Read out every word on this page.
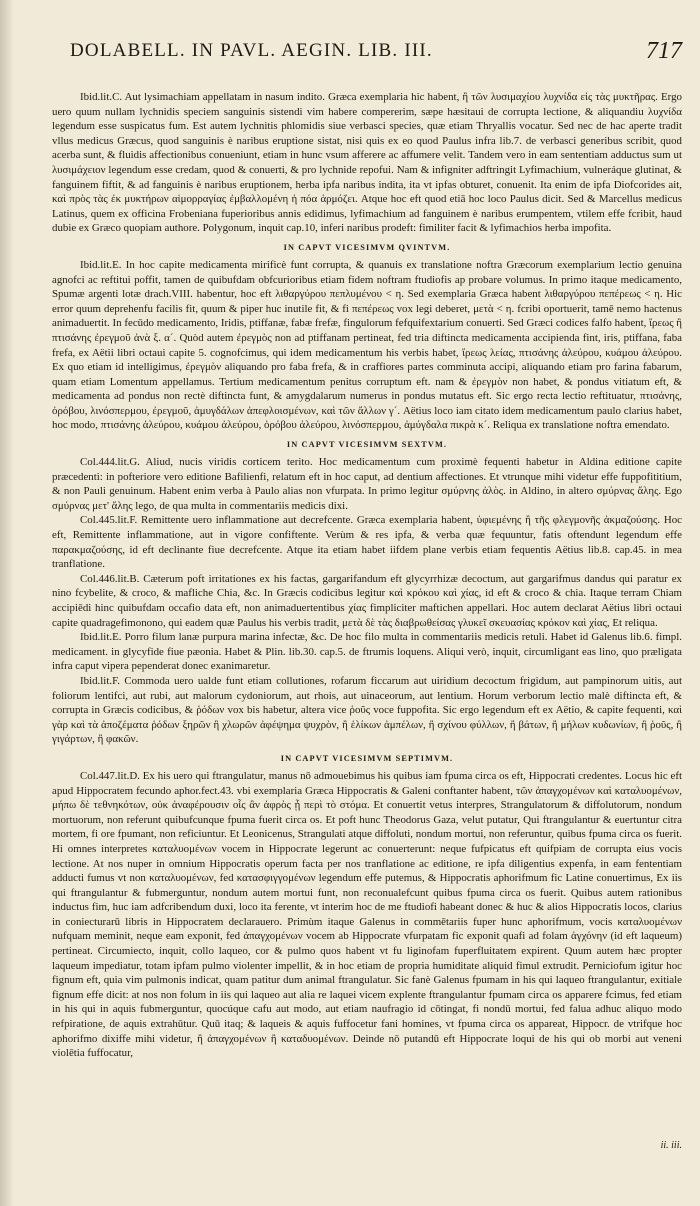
DOLABELL. IN PAVL. AEGIN. LIB. III.	717

Ibid.lit.C. Aut lysimachiam appellatam in nasum indito. Græca exemplaria hic habent, ἢ τῶν λυσιμαχίου λυχνίδα εἰς τὰς μυκτῆρας. Ergo uero quum nullam lychnidis speciem sanguinis sistendi vim habere compererim, sæpe hæsitaui de corrupta lectione, & aliquandiu λυχνίδα legendum esse suspicatus fum. Est autem lychnitis phlomidis siue verbasci species, quæ etiam Thryallis vocatur. Sed nec de hac aperte tradit vllus medicus Græcus, quod sanguinis è naribus eruptione sistat, nisi quis ex eo quod Paulus infra lib.7. de verbasci generibus scribit, quod acerba sunt, & fluidis affectionibus conueniunt, etiam in hunc vsum afferere ac affumere velit. Tandem vero in eam sententiam adductus sum ut λυσιμάχειον legendum esse credam, quod & conuerti, & pro lychnide repofui. Nam & infigniter adftringit Lyfimachium, vulneráque glutinat, & fanguinem fiftit, & ad fanguinis è naribus eruptionem, herba ipfa naribus indita, ita vt ipfas obturet, conuenit. Ita enim de ipfa Diofcorides ait, καὶ πρὸς τὰς ἐκ μυκτήρων αἱμορραγίας ἐμβαλλομένη ἡ πόα ἁρμόζει. Atque hoc eft quod etiā hoc loco Paulus dicit. Sed & Marcellus medicus Latinus, quem ex officina Frobeniana fuperioribus annis edidimus, lyfimachium ad fanguinem è naribus erumpentem, vtilem effe fcribit, haud dubie ex Græco quopiam authore. Polygonum, inquit cap.10, inferi naribus prodeft: fimiliter facit & lyfimachios herba impofita.

IN CAPVT VICESIMVM QVINTVM.

Ibid.lit.E. In hoc capite medicamenta mirificè funt corrupta, & quanuis ex translatione noftra Græcorum exemplarium lectio genuina agnofci ac reftitui poffit, tamen de quibufdam obfcurioribus etiam fidem noftram ftudiofis ap probare volumus. In primo itaque medicamento, Spumæ argenti lotæ drach.VIII. habentur, hoc eft λιθαργύρου πεπλυμένου < η. Sed exemplaria Græca habent λιθαργύρου πεπέρεως < η. Hic error quum deprehenfu facilis fit, quum & piper huc inutile fit, & fi πεπέρεως vox legi deberet, μετὰ < η. fcribi oportuerit, tamē nemo hactenus animaduertit. In fecūdo medicamento, Iridis, ptiffanæ, fabæ frefæ, fingulorum fefquifextarium conuerti. Sed Græci codices falfo habent, ἴρεως ἢ πτισάνης ἐρεγμοῦ ἀνὰ ξ. α´. Quòd autem ἐρεγμὸς non ad ptiffanam pertineat, fed tria diftincta medicamenta accipienda fint, iris, ptiffana, faba frefa, ex Aëtii libri octaui capite 5. cognofcimus, qui idem medicamentum his verbis habet, ἴρεως λείας, πτισάνης ἀλεύρου, κυάμου ἀλεύρου. Ex quo etiam id intelligimus, ἐρεγμὸν aliquando pro faba frefa, & in craffiores partes comminuta accipi, aliquando etiam pro farina fabarum, quam etiam Lomentum appellamus. Tertium medicamentum penitus corruptum eft. nam & ἐρεγμὸν non habet, & pondus vitiatum eft, & medicamenta ad pondus non rectè diftincta funt, & amygdalarum numerus in pondus mutatus eft. Sic ergo recta lectio reftituatur, πτισάνης, ὀρόβου, λινόσπερμου, ἐρεγμοῦ, ἀμυγδάλων ἀπεφλοισμένων, καὶ τῶν ἄλλων γ´. Aëtius loco iam citato idem medicamentum paulo clarius habet, hoc modo, πτισάνης ἀλεύρου, κυάμου ἀλεύρου, ὀρόβου ἀλεύρου, λινόσπερμου, ἀμύγδαλα πικρὰ κ´. Reliqua ex translatione noftra emendato.

IN CAPVT VICESIMVM SEXTVM.

Col.444.lit.G. Aliud, nucis viridis corticem terito. Hoc medicamentum cum proximè fequenti habetur in Aldina editione capite præcedenti: in pofteriore vero editione Bafilienfi, relatum eft in hoc caput, ad dentium affectiones. Et vtrunque mihi videtur effe fuppofititium, & non Pauli genuinum. Habent enim verba à Paulo alias non vfurpata. In primo legitur σμύρνης ἀλὸς. in Aldino, in altero σμύρνας ἄλης. Ego σμύρνας μετ' ἄλης lego, de qua multa in commentariis medicis dixi.

Col.445.lit.F. Remittente uero inflammatione aut decrefcente. Græca exemplaria habent, ὑφιεμένης ἢ τῆς φλεγμονῆς ἀκμαζούσης. Hoc eft, Remittente inflammatione, aut in vigore confiftente. Verùm & res ipfa, & verba quæ fequuntur, fatis oftendunt legendum effe παρακμαζούσης, id eft declinante fiue decrefcente. Atque ita etiam habet iifdem plane verbis etiam fequentis Aëtius lib.8. cap.45. in mea tranflatione.

Col.446.lit.B. Cæterum poft irritationes ex his factas, gargarifandum eft glycyrrhizæ decoctum, aut gargarifmus dandus qui paratur ex nino fcybelite, & croco, & mafliche Chia, &c. In Græcis codicibus legitur καὶ κρόκου καὶ χίας, id eft & croco & chia. Itaque terram Chiam accipiēdi hinc quibufdam occafio data eft, non animaduertentibus χίας fimpliciter maftichen appellari. Hoc autem declarat Aëtius libri octaui capite quadragefimonono, qui eadem quæ Paulus his verbis tradit, μετὰ δὲ τὰς διαβρωθείσας γλυκεῖ σκευασίας κρόκον καὶ χίας, Et reliqua.

Ibid.lit.E. Porro filum lanæ purpura marina infectæ, &c. De hoc filo multa in commentariis medicis retuli. Habet id Galenus lib.6. fimpl. medicament. in glycyfide fiue pæonia. Habet & Plin. lib.30. cap.5. de ftrumis loquens. Aliqui verò, inquit, circumligant eas lino, quo præligata infra caput vipera pependerat donec exanimaretur.

Ibid.lit.F. Commoda uero ualde funt etiam collutiones, rofarum ficcarum aut uiridium decoctum frigidum, aut pampinorum uitis, aut foliorum lentifci, aut rubi, aut malorum cydoniorum, aut rhois, aut uinaceorum, aut lentium. Horum verborum lectio malè diftincta eft, & corrupta in Græcis codicibus, & ῥόδων vox bis habetur, altera vice ῥοῦς voce fuppofita. Sic ergo legendum eft ex Aëtio, & capite fequenti, καὶ γὰρ καὶ τὰ ἀποζέματα ῥόδων ξηρῶν ἢ χλωρῶν ἀφέψημα ψυχρὸν, ἢ ἑλίκων ἀμπέλων, ἢ σχίνου φύλλων, ἢ βάτων, ἢ μήλων κυδωνίων, ἢ ῥοῦς, ἢ γιγάρτων, ἢ φακῶν.

IN CAPVT VICESIMVM SEPTIMVM.

Col.447.lit.D. Ex his uero qui ftrangulatur, manus nō admouebimus his quibus iam fpuma circa os eft, Hippocrati credentes. Locus hic eft apud Hippocratem fecundo aphor.fect.43. vbi exemplaria Græca Hippocratis & Galeni conftanter habent, τῶν ἀπαγχομένων καὶ καταλυομένων, μήπω δὲ τεθνηκότων, οὐκ ἀναφέρουσιν οἷς ἂν ἀφρὸς ᾖ περὶ τὸ στόμα. Et conuertit vetus interpres, Strangulatorum & diffolutorum, nondum mortuorum, non referunt quibufcunque fpuma fuerit circa os. Et poft hunc Theodorus Gaza, velut putatur, Qui ftrangulantur & euertuntur citra mortem, fi ore fpumant, non reficiuntur. Et Leonicenus, Strangulati atque diffoluti, nondum mortui, non referuntur, quibus fpuma circa os fuerit. Hi omnes interpretes καταλυομένων vocem in Hippocrate legerunt ac conuerterunt: neque fufpicatus eft quifpiam de corrupta eius vocis lectione. At nos nuper in omnium Hippocratis operum facta per nos tranflatione ac editione, re ipfa diligentius expenfa, in eam fententiam adducti fumus vt non καταλυομένων, fed κατασφιγγομένων legendum effe putemus, & Hippocratis aphorifmum fic Latine conuertimus, Ex iis qui ftrangulantur & fubmerguntur, nondum autem mortui funt, non reconualefcunt quibus fpuma circa os fuerit. Quibus autem rationibus inductus fim, huc iam adfcribendum duxi, loco ita ferente, vt interim hoc de me ftudiofi habeant donec & huc & alios Hippocratis locos, clarius in coniecturarū libris in Hippocratem declarauero. Primùm itaque Galenus in commētariis fuper hunc aphorifmum, vocis καταλυομένων nufquam meminit, neque eam exponit, fed ἀπαγχομένων vocem ab Hippocrate vfurpatam fic exponit quafi ad folam ἀγχόνην (id eft laqueum) pertineat. Circumiecto, inquit, collo laqueo, cor & pulmo quos habent vt fu liginofam fuperfluitatem expirent. Quum autem hæc propter laqueum impediatur, totam ipfam pulmo violenter impellit, & in hoc etiam de propria humiditate aliquid fimul extrudit. Perniciofum igitur hoc fignum eft, quia vim pulmonis indicat, quam patitur dum animal ftrangulatur. Sic fanè Galenus fpumam in his qui laqueo ftrangulantur, exitiale fignum effe dicit: at nos non folum in iis qui laqueo aut alia re laquei vicem explente ftrangulantur fpumam circa os apparere fcimus, fed etiam in his qui in aquis fubmerguntur, quocúque cafu aut modo, aut etiam naufragio id cōtingat, fi nondū mortui, fed falua adhuc aliquo modo refpiratione, de aquis extrahūtur. Quū itaq; & laqueis & aquis fuffocetur fani homines, vt fpuma circa os appareat, Hippocr. de vtrifque hoc aphorifmo dixiffe mihi videtur, ἢ ἀπαγχομένων ἢ καταδυομένων. Deinde nō putandū eft Hippocrate loqui de his qui ob morbi aut veneni violētia fuffocatur,

ii. iii.
